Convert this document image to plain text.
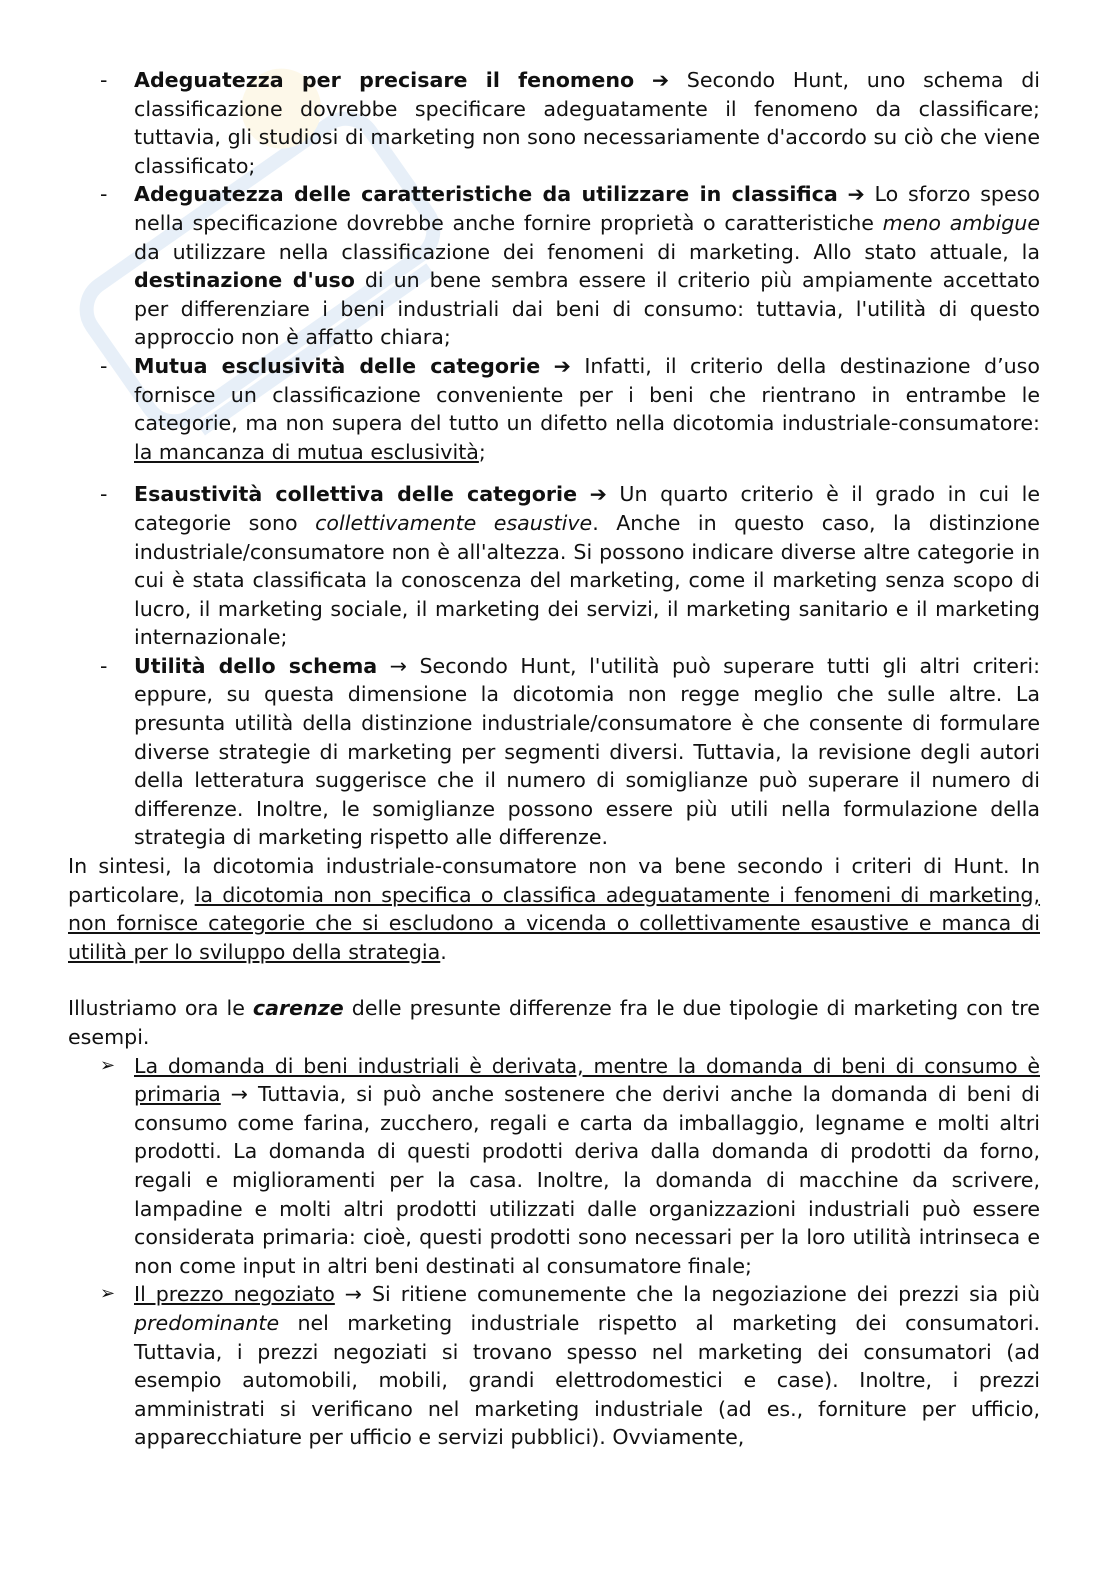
-	Adeguatezza per precisare il fenomeno ➔ Secondo Hunt, uno schema di classificazione dovrebbe specificare adeguatamente il fenomeno da classificare; tuttavia, gli studiosi di marketing non sono necessariamente d'accordo su ciò che viene classificato;
-	Adeguatezza delle caratteristiche da utilizzare in classifica ➔ Lo sforzo speso nella specificazione dovrebbe anche fornire proprietà o caratteristiche meno ambigue da utilizzare nella classificazione dei fenomeni di marketing. Allo stato attuale, la destinazione d'uso di un bene sembra essere il criterio più ampiamente accettato per differenziare i beni industriali dai beni di consumo: tuttavia, l'utilità di questo approccio non è affatto chiara;
-	Mutua esclusività delle categorie ➔ Infatti, il criterio della destinazione d’uso fornisce un classificazione conveniente per i beni che rientrano in entrambe le categorie, ma non supera del tutto un difetto nella dicotomia industriale-consumatore: la mancanza di mutua esclusività;
-	Esaustività collettiva delle categorie ➔ Un quarto criterio è il grado in cui le categorie sono collettivamente esaustive. Anche in questo caso, la distinzione industriale/consumatore non è all'altezza. Si possono indicare diverse altre categorie in cui è stata classificata la conoscenza del marketing, come il marketing senza scopo di lucro, il marketing sociale, il marketing dei servizi, il marketing sanitario e il marketing internazionale;
-	Utilità dello schema → Secondo Hunt, l'utilità può superare tutti gli altri criteri: eppure, su questa dimensione la dicotomia non regge meglio che sulle altre. La presunta utilità della distinzione industriale/consumatore è che consente di formulare diverse strategie di marketing per segmenti diversi. Tuttavia, la revisione degli autori della letteratura suggerisce che il numero di somiglianze può superare il numero di differenze. Inoltre, le somiglianze possono essere più utili nella formulazione della strategia di marketing rispetto alle differenze.

In sintesi, la dicotomia industriale-consumatore non va bene secondo i criteri di Hunt. In particolare, la dicotomia non specifica o classifica adeguatamente i fenomeni di marketing, non fornisce categorie che si escludono a vicenda o collettivamente esaustive e manca di utilità per lo sviluppo della strategia.

Illustriamo ora le carenze delle presunte differenze fra le due tipologie di marketing con tre esempi.

➢ La domanda di beni industriali è derivata, mentre la domanda di beni di consumo è primaria → Tuttavia, si può anche sostenere che derivi anche la domanda di beni di consumo come farina, zucchero, regali e carta da imballaggio, legname e molti altri prodotti. La domanda di questi prodotti deriva dalla domanda di prodotti da forno, regali e miglioramenti per la casa. Inoltre, la domanda di macchine da scrivere, lampadine e molti altri prodotti utilizzati dalle organizzazioni industriali può essere considerata primaria: cioè, questi prodotti sono necessari per la loro utilità intrinseca e non come input in altri beni destinati al consumatore finale;
➢ Il prezzo negoziato → Si ritiene comunemente che la negoziazione dei prezzi sia più predominante nel marketing industriale rispetto al marketing dei consumatori. Tuttavia, i prezzi negoziati si trovano spesso nel marketing dei consumatori (ad esempio automobili, mobili, grandi elettrodomestici e case). Inoltre, i prezzi amministrati si verificano nel marketing industriale (ad es., forniture per ufficio, apparecchiature per ufficio e servizi pubblici). Ovviamente,
